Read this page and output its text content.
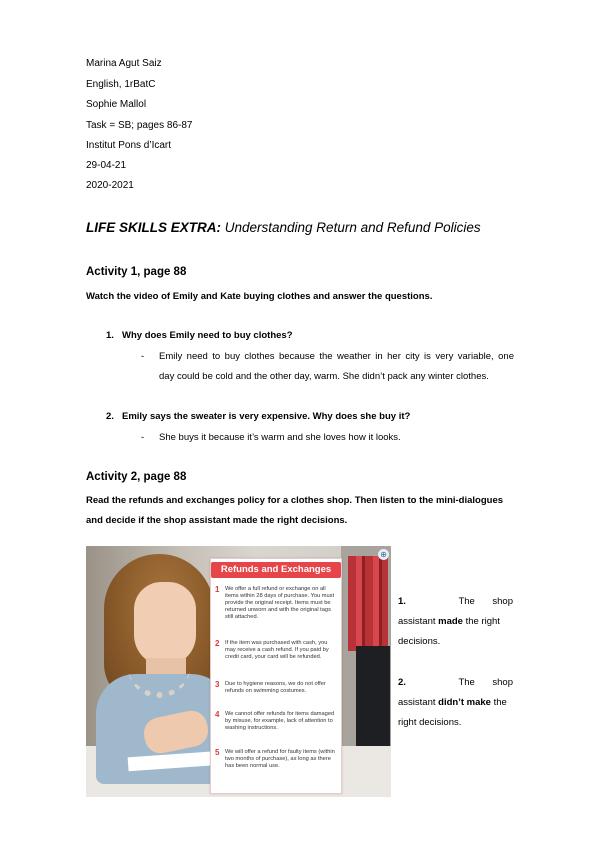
Marina Agut Saiz
English, 1rBatC
Sophie Mallol
Task = SB; pages 86-87
Institut Pons d’Icart
29-04-21
2020-2021
LIFE SKILLS EXTRA: Understanding Return and Refund Policies
Activity 1, page 88
Watch the video of Emily and Kate buying clothes and answer the questions.
1. Why does Emily need to buy clothes?
- Emily need to buy clothes because the weather in her city is very variable, one
day could be cold and the other day, warm. She didn’t pack any winter clothes.
2. Emily says the sweater is very expensive. Why does she buy it?
- She buys it because it’s warm and she loves how it looks.
Activity 2, page 88
Read the refunds and exchanges policy for a clothes shop. Then listen to the mini-dialogues
and decide if the shop assistant made the right decisions.
Refunds and Exchanges
1 We offer a full refund or exchange on all items within 28 days of purchase. You must provide the original receipt. Items must be returned unworn and with the original tags still attached.
2 If the item was purchased with cash, you may receive a cash refund. If you paid by credit card, your card will be refunded.
3 Due to hygiene reasons, we do not offer refunds on swimming costumes.
4 We cannot offer refunds for items damaged by misuse, for example, lack of attention to washing instructions.
5 We will offer a refund for faulty items (within two months of purchase), as long as there has been normal use.
⊕
1.	The shop
assistant made the right
decisions.
2.	The shop
assistant didn’t make the
right decisions.
